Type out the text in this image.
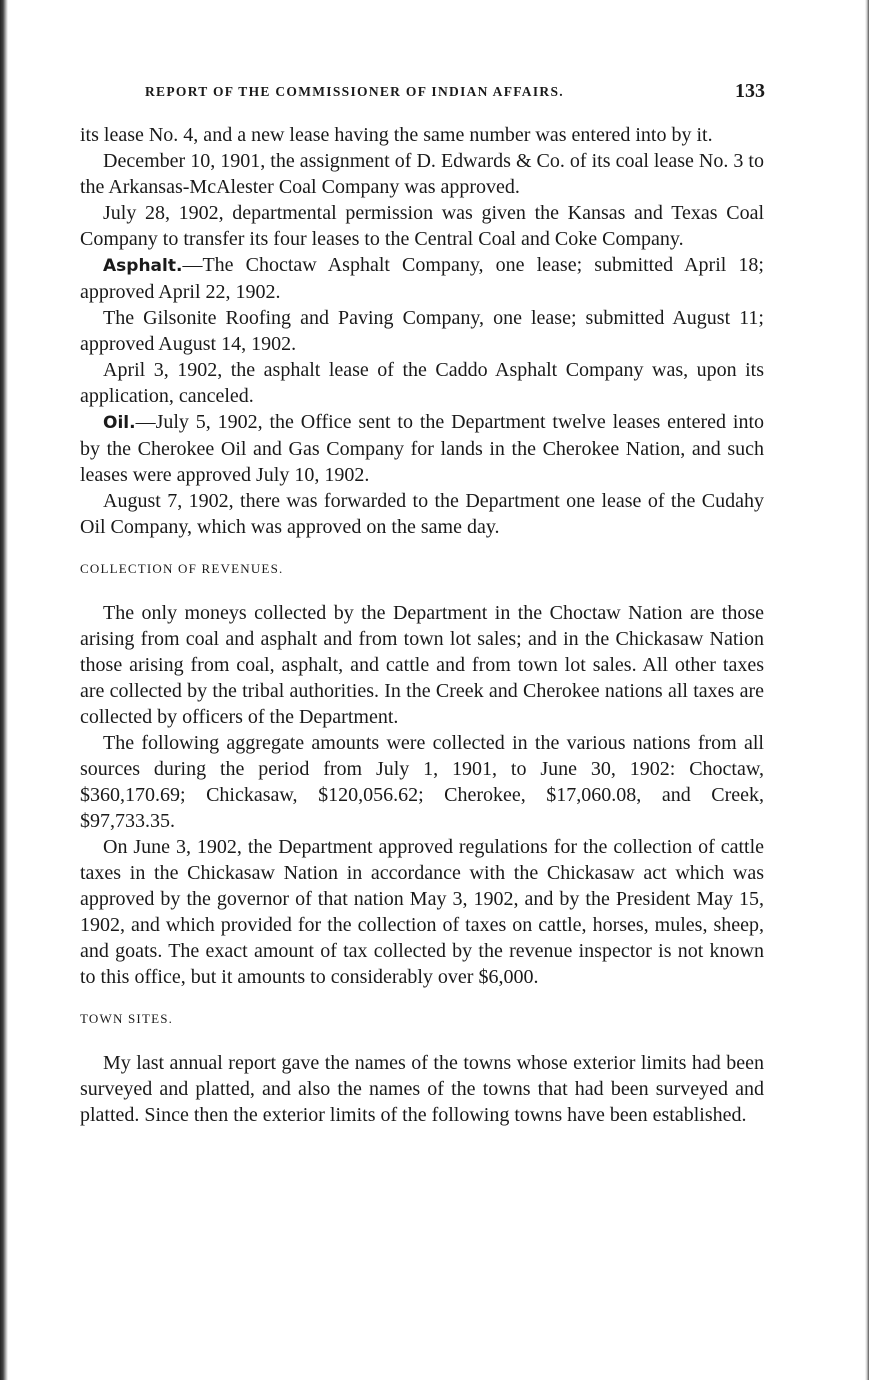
REPORT OF THE COMMISSIONER OF INDIAN AFFAIRS.	133

its lease No. 4, and a new lease having the same number was entered into by it.

December 10, 1901, the assignment of D. Edwards & Co. of its coal lease No. 3 to the Arkansas-McAlester Coal Company was approved.

July 28, 1902, departmental permission was given the Kansas and Texas Coal Company to transfer its four leases to the Central Coal and Coke Company.

Asphalt.—The Choctaw Asphalt Company, one lease; submitted April 18; approved April 22, 1902.

The Gilsonite Roofing and Paving Company, one lease; submitted August 11; approved August 14, 1902.

April 3, 1902, the asphalt lease of the Caddo Asphalt Company was, upon its application, canceled.

Oil.—July 5, 1902, the Office sent to the Department twelve leases entered into by the Cherokee Oil and Gas Company for lands in the Cherokee Nation, and such leases were approved July 10, 1902.

August 7, 1902, there was forwarded to the Department one lease of the Cudahy Oil Company, which was approved on the same day.

COLLECTION OF REVENUES.

The only moneys collected by the Department in the Choctaw Nation are those arising from coal and asphalt and from town lot sales; and in the Chickasaw Nation those arising from coal, asphalt, and cattle and from town lot sales. All other taxes are collected by the tribal authorities. In the Creek and Cherokee nations all taxes are collected by officers of the Department.

The following aggregate amounts were collected in the various nations from all sources during the period from July 1, 1901, to June 30, 1902: Choctaw, $360,170.69; Chickasaw, $120,056.62; Cherokee, $17,060.08, and Creek, $97,733.35.

On June 3, 1902, the Department approved regulations for the collection of cattle taxes in the Chickasaw Nation in accordance with the Chickasaw act which was approved by the governor of that nation May 3, 1902, and by the President May 15, 1902, and which provided for the collection of taxes on cattle, horses, mules, sheep, and goats. The exact amount of tax collected by the revenue inspector is not known to this office, but it amounts to considerably over $6,000.

TOWN SITES.

My last annual report gave the names of the towns whose exterior limits had been surveyed and platted, and also the names of the towns that had been surveyed and platted. Since then the exterior limits of the following towns have been established.
